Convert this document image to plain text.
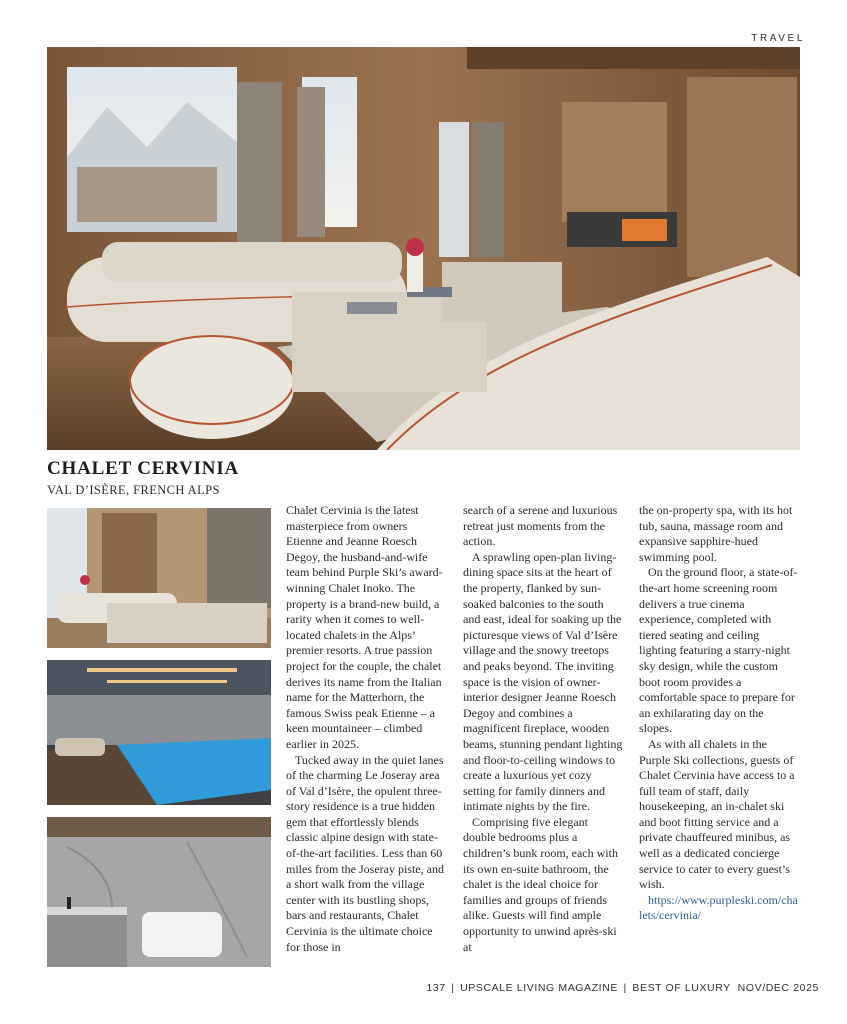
TRAVEL
CHALET CERVINIA

VAL D’ISÈRE, FRENCH ALPS

Chalet Cervinia is the latest masterpiece from owners Etienne and Jeanne Roesch Degoy, the husband-and-wife team behind Purple Ski’s award-winning Chalet Inoko. The property is a brand-new build, a rarity when it comes to well-located chalets in the Alps’ premier resorts. A true passion project for the couple, the chalet derives its name from the Italian name for the Matterhorn, the famous Swiss peak Etienne – a keen mountaineer – climbed earlier in 2025.

Tucked away in the quiet lanes of the charming Le Joseray area of Val d’Isère, the opulent three-story residence is a true hidden gem that effortlessly blends classic alpine design with state-of-the-art facilities. Less than 60 miles from the Joseray piste, and a short walk from the village center with its bustling shops, bars and restaurants, Chalet Cervinia is the ultimate choice for those in

search of a serene and luxurious retreat just moments from the action.

A sprawling open-plan living-dining space sits at the heart of the property, flanked by sun-soaked balconies to the south and east, ideal for soaking up the picturesque views of Val d’Isère village and the snowy treetops and peaks beyond. The inviting space is the vision of owner-interior designer Jeanne Roesch Degoy and combines a magnificent fireplace, wooden beams, stunning pendant lighting and floor-to-ceiling windows to create a luxurious yet cozy setting for family dinners and intimate nights by the fire.

Comprising five elegant double bedrooms plus a children’s bunk room, each with its own en-suite bathroom, the chalet is the ideal choice for families and groups of friends alike. Guests will find ample opportunity to unwind après-ski at

the on-property spa, with its hot tub, sauna, massage room and expansive sapphire-hued swimming pool.

On the ground floor, a state-of-the-art home screening room delivers a true cinema experience, completed with tiered seating and ceiling lighting featuring a starry-night sky design, while the custom boot room provides a comfortable space to prepare for an exhilarating day on the slopes.

As with all chalets in the Purple Ski collections, guests of Chalet Cervinia have access to a full team of staff, daily housekeeping, an in-chalet ski and boot fitting service and a private chauffeured minibus, as well as a dedicated concierge service to cater to every guest’s wish.

https://www.purpleski.com/chalets/cervinia/
137 | UPSCALE LIVING MAGAZINE | BEST OF LUXURY  NOV/DEC 2025
